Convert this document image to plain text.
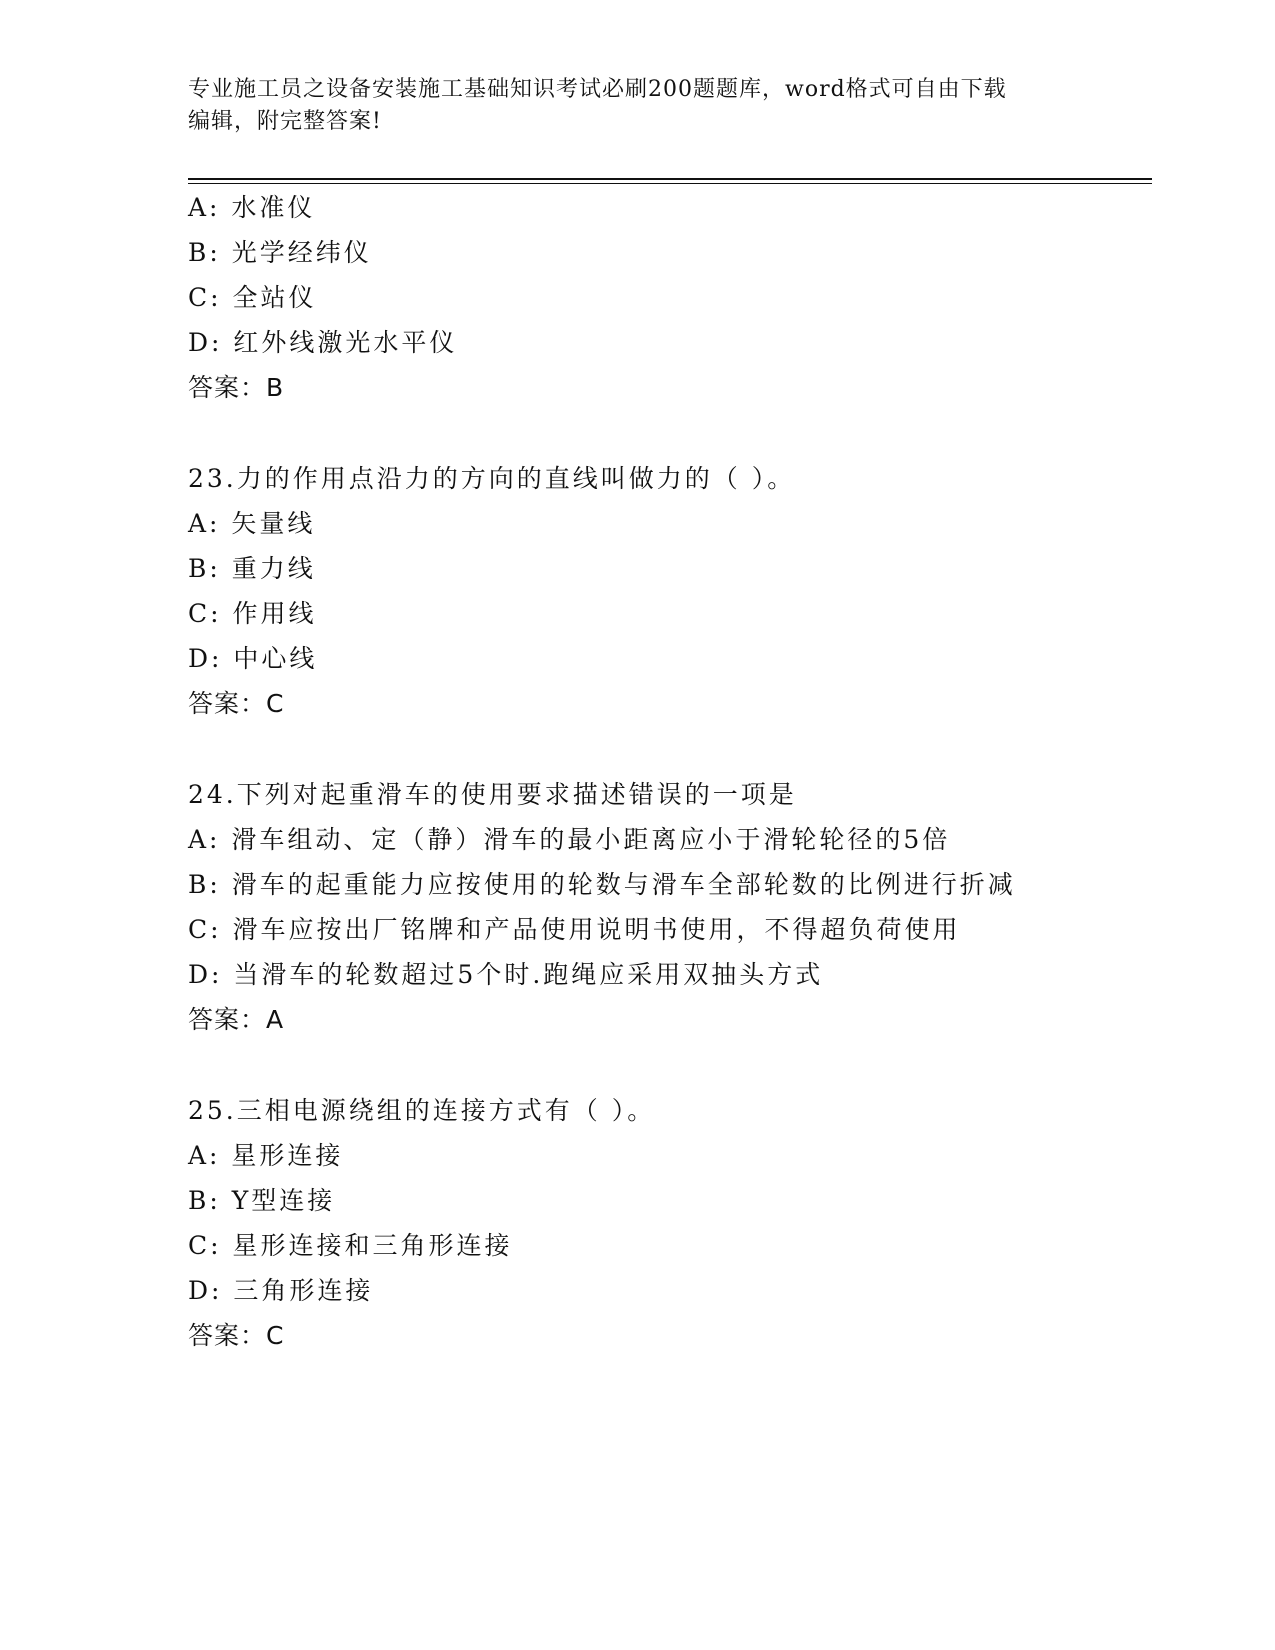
专业施工员之设备安装施工基础知识考试必刷200题题库，word格式可自由下载
编辑，附完整答案!
A: 水准仪
B: 光学经纬仪
C: 全站仪
D: 红外线激光水平仪
答案：B
23.力的作用点沿力的方向的直线叫做力的（ ）。
A: 矢量线
B: 重力线
C: 作用线
D: 中心线
答案：C
24.下列对起重滑车的使用要求描述错误的一项是
A: 滑车组动、定（静）滑车的最小距离应小于滑轮轮径的5倍
B: 滑车的起重能力应按使用的轮数与滑车全部轮数的比例进行折减
C: 滑车应按出厂铭牌和产品使用说明书使用，不得超负荷使用
D: 当滑车的轮数超过5个时.跑绳应采用双抽头方式
答案：A
25.三相电源绕组的连接方式有（ ）。
A: 星形连接
B: Y型连接
C: 星形连接和三角形连接
D: 三角形连接
答案：C
